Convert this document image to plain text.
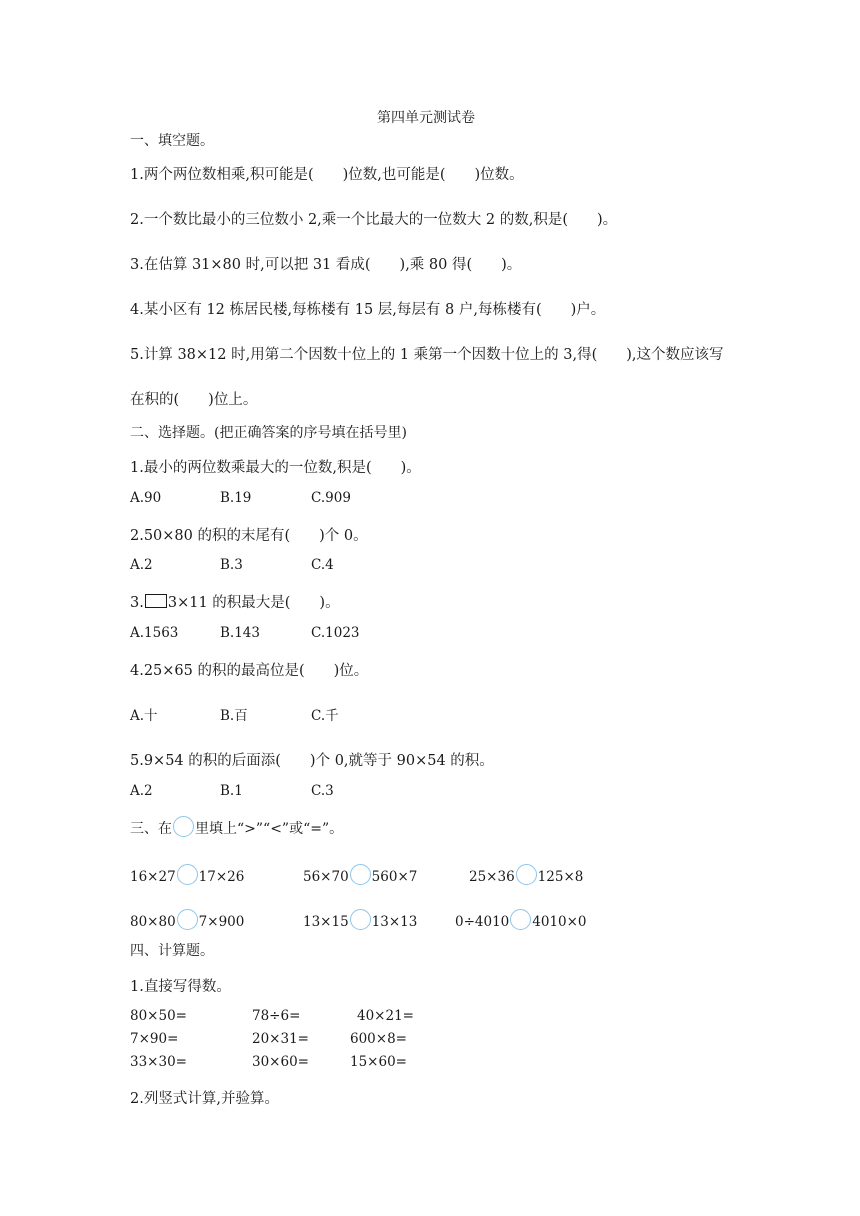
第四单元测试卷
一、填空题。
1.两个两位数相乘,积可能是(　　)位数,也可能是(　　)位数。
2.一个数比最小的三位数小 2,乘一个比最大的一位数大 2 的数,积是(　　)。
3.在估算 31×80 时,可以把 31 看成(　　),乘 80 得(　　)。
4.某小区有 12 栋居民楼,每栋楼有 15 层,每层有 8 户,每栋楼有(　　)户。
5.计算 38×12 时,用第二个因数十位上的 1 乘第一个因数十位上的 3,得(　　),这个数应该写
在积的(　　)位上。
二、选择题。(把正确答案的序号填在括号里)
1.最小的两位数乘最大的一位数,积是(　　)。
A.90	B.19	C.909
2.50×80 的积的末尾有(　　)个 0。
A.2	B.3	C.4
3. 3×11 的积最大是(　　)。
A.1563	B.143	C.1023
4.25×65 的积的最高位是(　　)位。
A.十	B.百	C.千
5.9×54 的积的后面添(　　)个 0,就等于 90×54 的积。
A.2	B.1	C.3
三、在 里填上“>”“<”或“=”。
16×27 17×26	56×70 560×7	25×36 125×8
80×80 7×900	13×15 13×13	0÷4010 4010×0
四、计算题。
1.直接写得数。
80×50=	78÷6=	40×21=
7×90=	20×31=	600×8=
33×30=	30×60=	15×60=
2.列竖式计算,并验算。
